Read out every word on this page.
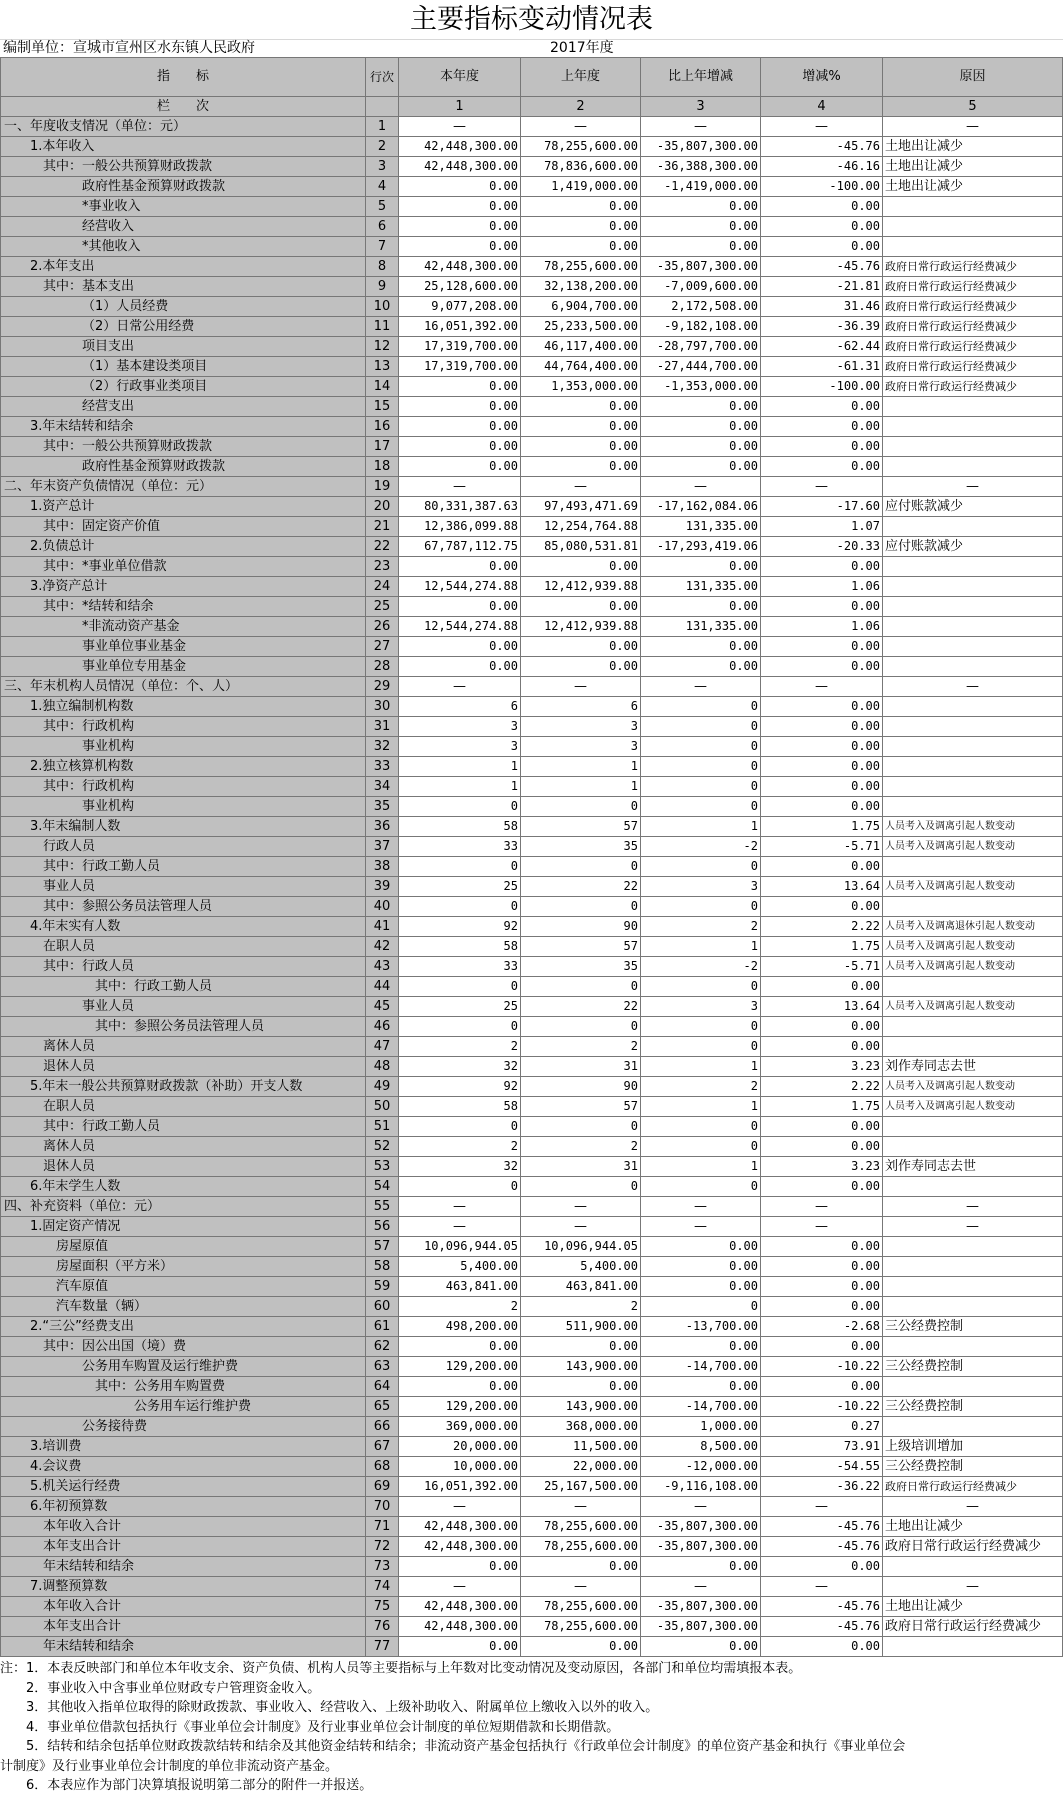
主要指标变动情况表
编制单位：宣城市宣州区水东镇人民政府	2017年度
指　　标	行次	本年度	上年度	比上年增减	增减%	原因
栏　　次		1	2	3	4	5
一、年度收支情况（单位：元）	1	—	—	—	—	—
1.本年收入	2	42,448,300.00	78,255,600.00	-35,807,300.00	-45.76	土地出让减少
其中：一般公共预算财政拨款	3	42,448,300.00	78,836,600.00	-36,388,300.00	-46.16	土地出让减少
政府性基金预算财政拨款	4	0.00	1,419,000.00	-1,419,000.00	-100.00	土地出让减少
*事业收入	5	0.00	0.00	0.00	0.00	
经营收入	6	0.00	0.00	0.00	0.00	
*其他收入	7	0.00	0.00	0.00	0.00	
2.本年支出	8	42,448,300.00	78,255,600.00	-35,807,300.00	-45.76	政府日常行政运行经费减少
其中：基本支出	9	25,128,600.00	32,138,200.00	-7,009,600.00	-21.81	政府日常行政运行经费减少
（1）人员经费	10	9,077,208.00	6,904,700.00	2,172,508.00	31.46	政府日常行政运行经费减少
（2）日常公用经费	11	16,051,392.00	25,233,500.00	-9,182,108.00	-36.39	政府日常行政运行经费减少
项目支出	12	17,319,700.00	46,117,400.00	-28,797,700.00	-62.44	政府日常行政运行经费减少
（1）基本建设类项目	13	17,319,700.00	44,764,400.00	-27,444,700.00	-61.31	政府日常行政运行经费减少
（2）行政事业类项目	14	0.00	1,353,000.00	-1,353,000.00	-100.00	政府日常行政运行经费减少
经营支出	15	0.00	0.00	0.00	0.00	
3.年末结转和结余	16	0.00	0.00	0.00	0.00	
其中：一般公共预算财政拨款	17	0.00	0.00	0.00	0.00	
政府性基金预算财政拨款	18	0.00	0.00	0.00	0.00	
二、年末资产负债情况（单位：元）	19	—	—	—	—	—
1.资产总计	20	80,331,387.63	97,493,471.69	-17,162,084.06	-17.60	应付账款减少
其中：固定资产价值	21	12,386,099.88	12,254,764.88	131,335.00	1.07	
2.负债总计	22	67,787,112.75	85,080,531.81	-17,293,419.06	-20.33	应付账款减少
其中：*事业单位借款	23	0.00	0.00	0.00	0.00	
3.净资产总计	24	12,544,274.88	12,412,939.88	131,335.00	1.06	
其中：*结转和结余	25	0.00	0.00	0.00	0.00	
*非流动资产基金	26	12,544,274.88	12,412,939.88	131,335.00	1.06	
事业单位事业基金	27	0.00	0.00	0.00	0.00	
事业单位专用基金	28	0.00	0.00	0.00	0.00	
三、年末机构人员情况（单位：个、人）	29	—	—	—	—	—
1.独立编制机构数	30	6	6	0	0.00	
其中：行政机构	31	3	3	0	0.00	
事业机构	32	3	3	0	0.00	
2.独立核算机构数	33	1	1	0	0.00	
其中：行政机构	34	1	1	0	0.00	
事业机构	35	0	0	0	0.00	
3.年末编制人数	36	58	57	1	1.75	人员考入及调离引起人数变动
行政人员	37	33	35	-2	-5.71	人员考入及调离引起人数变动
其中：行政工勤人员	38	0	0	0	0.00	
事业人员	39	25	22	3	13.64	人员考入及调离引起人数变动
其中：参照公务员法管理人员	40	0	0	0	0.00	
4.年末实有人数	41	92	90	2	2.22	人员考入及调离退休引起人数变动
在职人员	42	58	57	1	1.75	人员考入及调离引起人数变动
其中：行政人员	43	33	35	-2	-5.71	人员考入及调离引起人数变动
其中：行政工勤人员	44	0	0	0	0.00	
事业人员	45	25	22	3	13.64	人员考入及调离引起人数变动
其中：参照公务员法管理人员	46	0	0	0	0.00	
离休人员	47	2	2	0	0.00	
退休人员	48	32	31	1	3.23	刘作寿同志去世
5.年末一般公共预算财政拨款（补助）开支人数	49	92	90	2	2.22	人员考入及调离引起人数变动
在职人员	50	58	57	1	1.75	人员考入及调离引起人数变动
其中：行政工勤人员	51	0	0	0	0.00	
离休人员	52	2	2	0	0.00	
退休人员	53	32	31	1	3.23	刘作寿同志去世
6.年末学生人数	54	0	0	0	0.00	
四、补充资料（单位：元）	55	—	—	—	—	—
1.固定资产情况	56	—	—	—	—	—
房屋原值	57	10,096,944.05	10,096,944.05	0.00	0.00	
房屋面积（平方米）	58	5,400.00	5,400.00	0.00	0.00	
汽车原值	59	463,841.00	463,841.00	0.00	0.00	
汽车数量（辆）	60	2	2	0	0.00	
2.“三公”经费支出	61	498,200.00	511,900.00	-13,700.00	-2.68	三公经费控制
其中：因公出国（境）费	62	0.00	0.00	0.00	0.00	
公务用车购置及运行维护费	63	129,200.00	143,900.00	-14,700.00	-10.22	三公经费控制
其中：公务用车购置费	64	0.00	0.00	0.00	0.00	
公务用车运行维护费	65	129,200.00	143,900.00	-14,700.00	-10.22	三公经费控制
公务接待费	66	369,000.00	368,000.00	1,000.00	0.27	
3.培训费	67	20,000.00	11,500.00	8,500.00	73.91	上级培训增加
4.会议费	68	10,000.00	22,000.00	-12,000.00	-54.55	三公经费控制
5.机关运行经费	69	16,051,392.00	25,167,500.00	-9,116,108.00	-36.22	政府日常行政运行经费减少
6.年初预算数	70	—	—	—	—	—
本年收入合计	71	42,448,300.00	78,255,600.00	-35,807,300.00	-45.76	土地出让减少
本年支出合计	72	42,448,300.00	78,255,600.00	-35,807,300.00	-45.76	政府日常行政运行经费减少
年末结转和结余	73	0.00	0.00	0.00	0.00	
7.调整预算数	74	—	—	—	—	—
本年收入合计	75	42,448,300.00	78,255,600.00	-35,807,300.00	-45.76	土地出让减少
本年支出合计	76	42,448,300.00	78,255,600.00	-35,807,300.00	-45.76	政府日常行政运行经费减少
年末结转和结余	77	0.00	0.00	0.00	0.00	
注：1．本表反映部门和单位本年收支余、资产负债、机构人员等主要指标与上年数对比变动情况及变动原因，各部门和单位均需填报本表。
　　2．事业收入中含事业单位财政专户管理资金收入。
　　3．其他收入指单位取得的除财政拨款、事业收入、经营收入、上级补助收入、附属单位上缴收入以外的收入。
　　4．事业单位借款包括执行《事业单位会计制度》及行业事业单位会计制度的单位短期借款和长期借款。
　　5．结转和结余包括单位财政拨款结转和结余及其他资金结转和结余；非流动资产基金包括执行《行政单位会计制度》的单位资产基金和执行《事业单位会
计制度》及行业事业单位会计制度的单位非流动资产基金。
　　6．本表应作为部门决算填报说明第二部分的附件一并报送。
